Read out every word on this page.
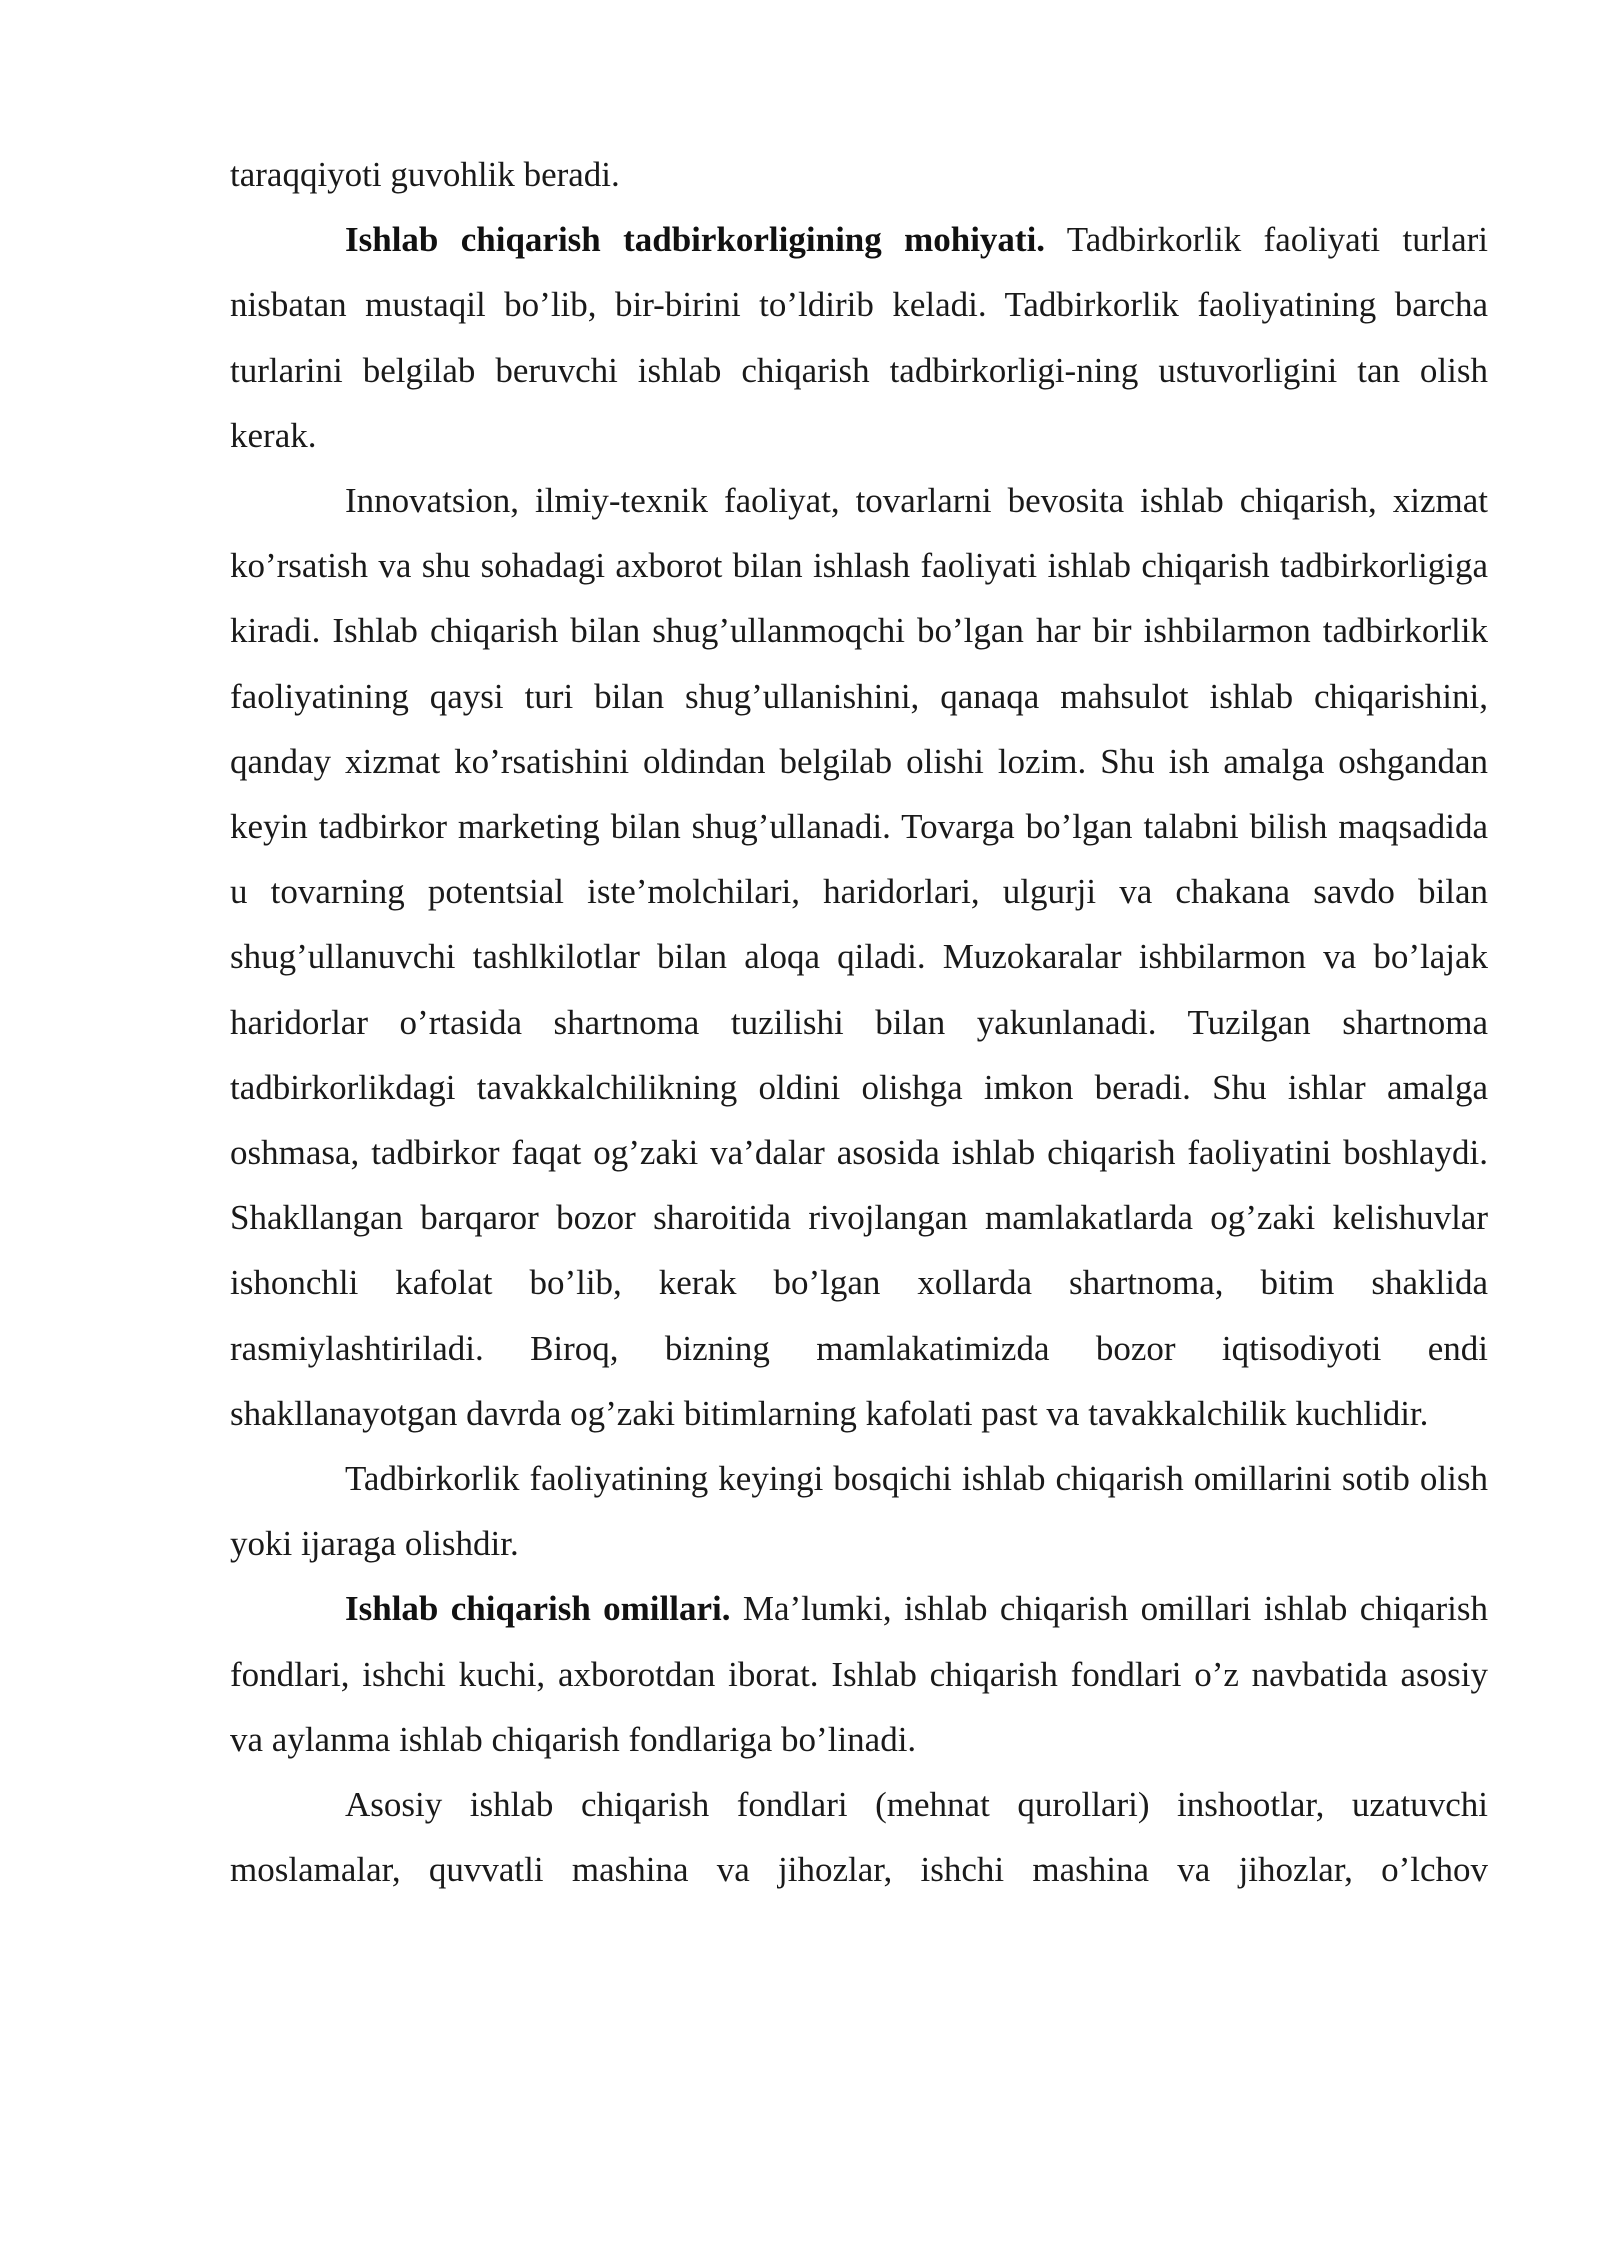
taraqqiyoti guvohlik beradi.

Ishlab chiqarish tadbirkorligining mohiyati. Tadbirkorlik faoliyati turlari nisbatan mustaqil bo’lib, bir-birini to’ldirib keladi. Tadbirkorlik faoliyatining barcha turlarini belgilab beruvchi ishlab chiqarish tadbirkorligi-ning ustuvorligini tan olish kerak.

Innovatsion, ilmiy-texnik faoliyat, tovarlarni bevosita ishlab chiqarish, xizmat ko’rsatish va shu sohadagi axborot bilan ishlash faoliyati ishlab chiqarish tadbirkorligiga kiradi. Ishlab chiqarish bilan shug’ullanmoqchi bo’lgan har bir ishbilarmon tadbirkorlik faoliyatining qaysi turi bilan shug’ullanishini, qanaqa mahsulot ishlab chiqarishini, qanday xizmat ko’rsatishini oldindan belgilab olishi lozim. Shu ish amalga oshgandan keyin tadbirkor marketing bilan shug’ullanadi. Tovarga bo’lgan talabni bilish maqsadida u tovarning potentsial iste’molchilari, haridorlari, ulgurji va chakana savdo bilan shug’ullanuvchi tashlkilotlar bilan aloqa qiladi. Muzokaralar ishbilarmon va bo’lajak haridorlar o’rtasida shartnoma tuzilishi bilan yakunlanadi. Tuzilgan shartnoma tadbirkorlikdagi tavakkalchilikning oldini olishga imkon beradi. Shu ishlar amalga oshmasa, tadbirkor faqat og’zaki va’dalar asosida ishlab chiqarish faoliyatini boshlaydi. Shakllangan barqaror bozor sharoitida rivojlangan mamlakatlarda og’zaki kelishuvlar ishonchli kafolat bo’lib, kerak bo’lgan xollarda shartnoma, bitim shaklida rasmiylashtiriladi. Biroq, bizning mamlakatimizda bozor iqtisodiyoti endi shakllanayotgan davrda og’zaki bitimlarning kafolati past va tavakkalchilik kuchlidir.

Tadbirkorlik faoliyatining keyingi bosqichi ishlab chiqarish omillarini sotib olish yoki ijaraga olishdir.

Ishlab chiqarish omillari. Ma’lumki, ishlab chiqarish omillari ishlab chiqarish fondlari, ishchi kuchi, axborotdan iborat. Ishlab chiqarish fondlari o’z navbatida asosiy va aylanma ishlab chiqarish fondlariga bo’linadi.

Asosiy ishlab chiqarish fondlari (mehnat qurollari) inshootlar, uzatuvchi moslamalar, quvvatli mashina va jihozlar, ishchi mashina va jihozlar, o’lchov
